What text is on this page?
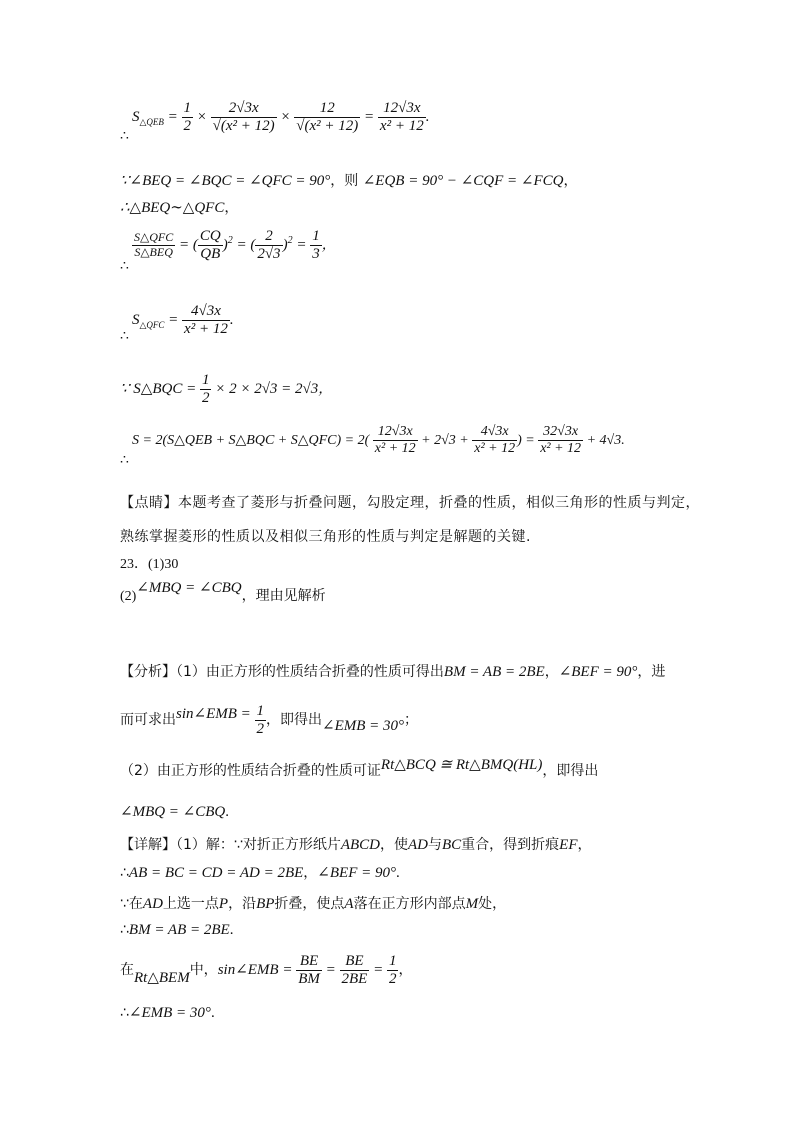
$S_{\triangle QEB} = \frac{1}{2} \times \frac{2√3x}{\text{√(x² + 12)}} \times \frac{12}{\text{√(x² + 12)}} = \frac{12√3x}{\text{x² + 12}}$ .
∴
∵∠BEQ = ∠BQC = ∠QFC = 90°，则 ∠EQB = 90° − ∠CQF = ∠FCQ，
∴△BEQ∼△QFC，
$\frac{\text{S△QFC}}{\text{S△BEQ}}$ = ( $\frac{CQ}{QB} )^2$ = ( $\frac{2}{2√3} )^2 = \frac{1}{3}$ ，
∴
$S_{\triangle QFC} = \frac{4√3x}{\text{x² + 12}}$ .
∴
∵ S△BQC = $\frac{1}{2} \times 2 \times 2√3 = 2√3$，
S = 2(S△QEB + S△BQC + S△QFC) = $2( \frac{12√3x}{\text{x² + 12}} + 2√3 + \frac{4√3x}{\text{x² + 12}}$ ) = $\frac{32√3x}{\text{x² + 12}} + 4√3$.
∴
【点睛】本题考查了菱形与折叠问题，勾股定理，折叠的性质，相似三角形的性质与判定，
熟练掌握菱形的性质以及相似三角形的性质与判定是解题的关键.
23．(1)30
(2)∠MBQ = ∠CBQ，理由见解析
【分析】（1）由正方形的性质结合折叠的性质可得出BM = AB = 2BE，∠BEF = 90°，进
而可求出sin∠EMB = $\frac{1}{2}$ ，即得出∠EMB = 30°；
（2）由正方形的性质结合折叠的性质可证Rt△BCQ ≅ Rt△BMQ(HL)，即得出
∠MBQ = ∠CBQ.
【详解】（1）解：∵对折正方形纸片ABCD，使AD与BC重合，得到折痕EF，
∴AB = BC = CD = AD = 2BE，∠BEF = 90°.
∵在AD上选一点P，沿BP折叠，使点A落在正方形内部点M处，
∴BM = AB = 2BE.
在Rt△BEM中，sin∠EMB = $\frac{BE}{BM} = \frac{BE}{2BE} = \frac{1}{2}$ ，
∴∠EMB = 30°.
